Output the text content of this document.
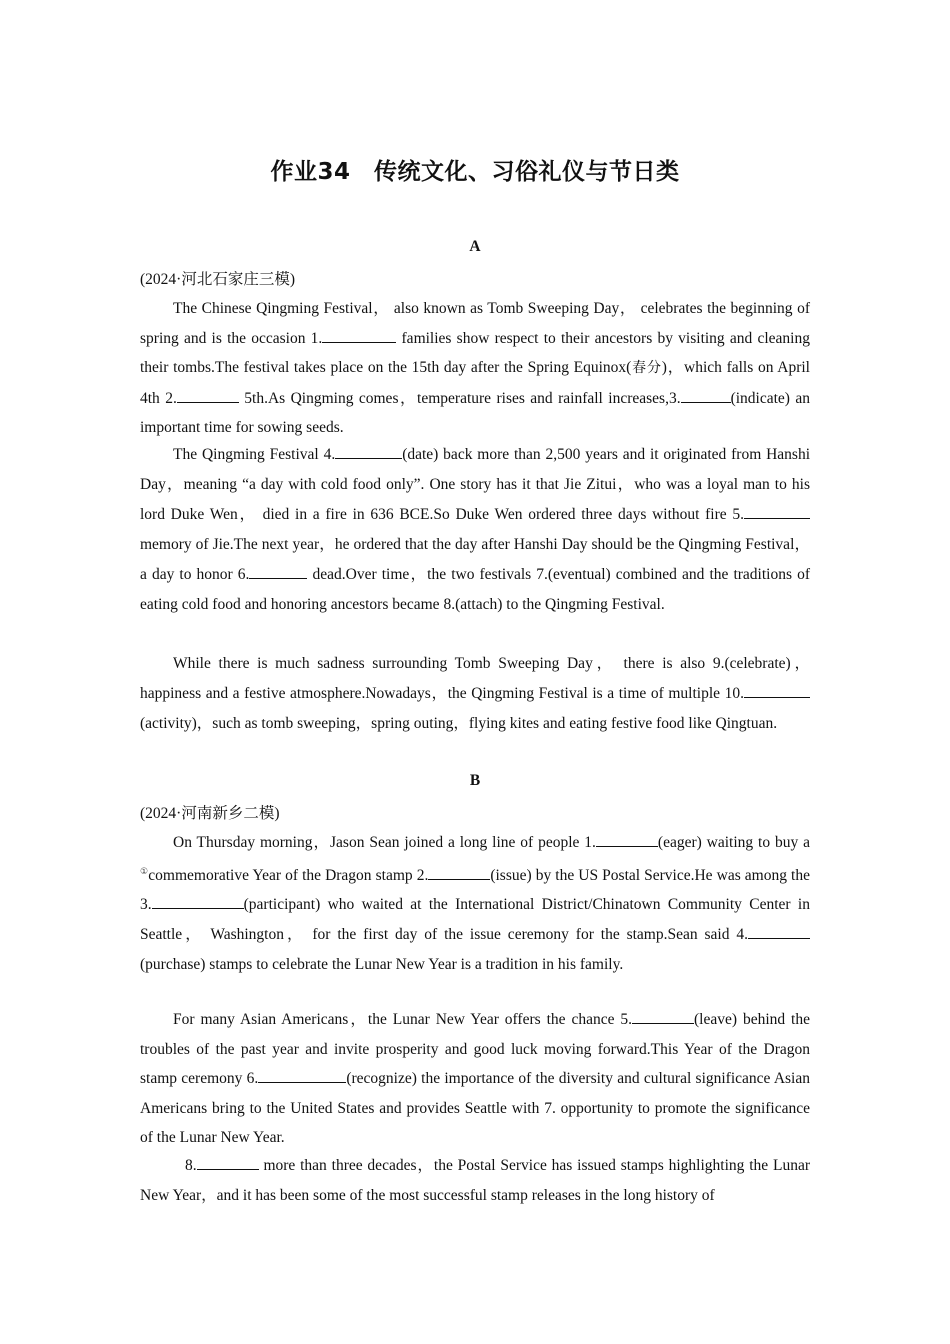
作业34　传统文化、习俗礼仪与节日类
A
(2024·河北石家庄三模)

The Chinese Qingming Festival， also known as Tomb Sweeping Day， celebrates the beginning of spring and is the occasion 1.	families show respect to their ancestors by visiting and cleaning their tombs.The festival takes place on the 15th day after the Spring Equinox(春分)，which falls on April 4th 2.	5th.As Qingming comes，temperature rises and rainfall increases,3.	(indicate) an important time for sowing seeds.

The Qingming Festival 4.	(date) back more than 2,500 years and it originated from Hanshi Day，meaning “a day with cold food only”. One story has it that Jie Zitui，who was a loyal man to his lord Duke Wen， died in a fire in 636 BCE.So Duke Wen ordered three days without fire 5. memory of Jie.The next year，he ordered that the day after Hanshi Day should be the Qingming Festival，a day to honor 6.	dead.Over time，the two festivals 7.(eventual) combined and the traditions of eating cold food and honoring ancestors became 8.(attach) to the Qingming Festival.

While there is much sadness surrounding Tomb Sweeping Day， there is also 9.(celebrate)，happiness and a festive atmosphere.Nowadays，the Qingming Festival is a time of multiple 10.(activity)，such as tomb sweeping，spring outing，flying kites and eating festive food like Qingtuan.

B
(2024·河南新乡二模)

On Thursday morning，Jason Sean joined a long line of people 1.	(eager) waiting to buy a ①commemorative Year of the Dragon stamp 2.	(issue) by the US Postal Service.He was among the 3.	(participant) who waited at the International District/Chinatown Community Center in Seattle， Washington， for the first day of the issue ceremony for the stamp.Sean said 4.(purchase) stamps to celebrate the Lunar New Year is a tradition in his family.

For many Asian Americans，the Lunar New Year offers the chance 5.	(leave) behind the troubles of the past year and invite prosperity and good luck moving forward.This Year of the Dragon stamp ceremony 6.	(recognize) the importance of the diversity and cultural significance Asian Americans bring to the United States and provides Seattle with 7. opportunity to promote the significance of the Lunar New Year.

8.	more than three decades，the Postal Service has issued stamps highlighting the Lunar New Year，and it has been some of the most successful stamp releases in the long history of
